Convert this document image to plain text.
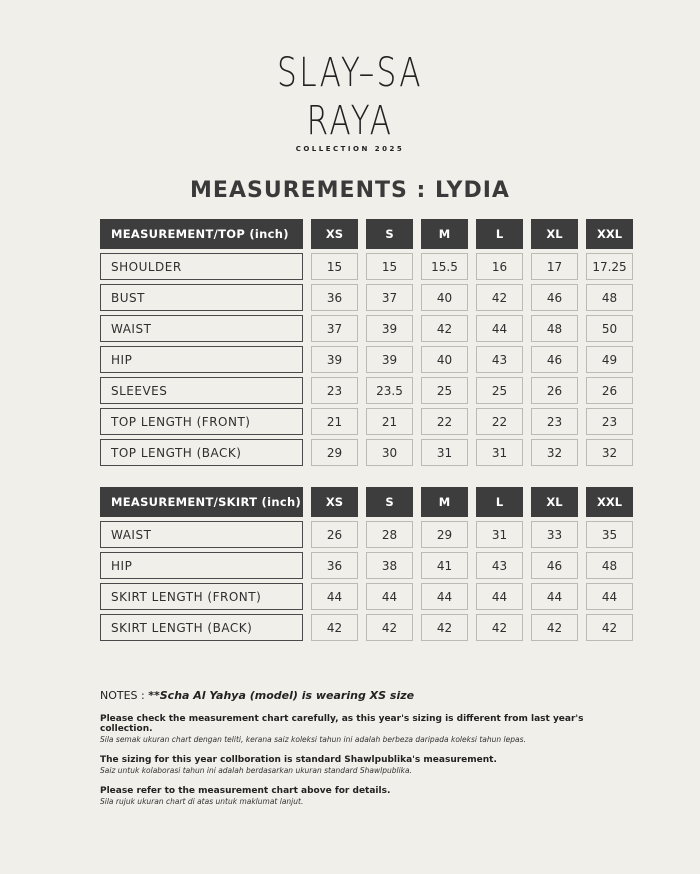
SLAY–SA
RAYA
COLLECTION 2025
MEASUREMENTS : LYDIA
MEASUREMENT/TOP (inch)		XS		S		M		L		XL		XXL

SHOULDER		15		15		15.5		16		17		17.25

BUST		36		37		40		42		46		48

WAIST		37		39		42		44		48		50

HIP		39		39		40		43		46		49

SLEEVES		23		23.5		25		25		26		26

TOP LENGTH (FRONT)		21		21		22		22		23		23

TOP LENGTH (BACK)		29		30		31		31		32		32
MEASUREMENT/SKIRT (inch)		XS		S		M		L		XL		XXL

WAIST		26		28		29		31		33		35

HIP		36		38		41		43		46		48

SKIRT LENGTH (FRONT)		44		44		44		44		44		44

SKIRT LENGTH (BACK)		42		42		42		42		42		42
NOTES : **Scha Al Yahya (model) is wearing XS size
Please check the measurement chart carefully, as this year's sizing is different from last year's collection.
Sila semak ukuran chart dengan teliti, kerana saiz koleksi tahun ini adalah berbeza daripada koleksi tahun lepas.
The sizing for this year collboration is standard Shawlpublika's measurement.
Saiz untuk kolaborasi tahun ini adalah berdasarkan ukuran standard Shawlpublika.
Please refer to the measurement chart above for details.
Sila rujuk ukuran chart di atas untuk maklumat lanjut.
